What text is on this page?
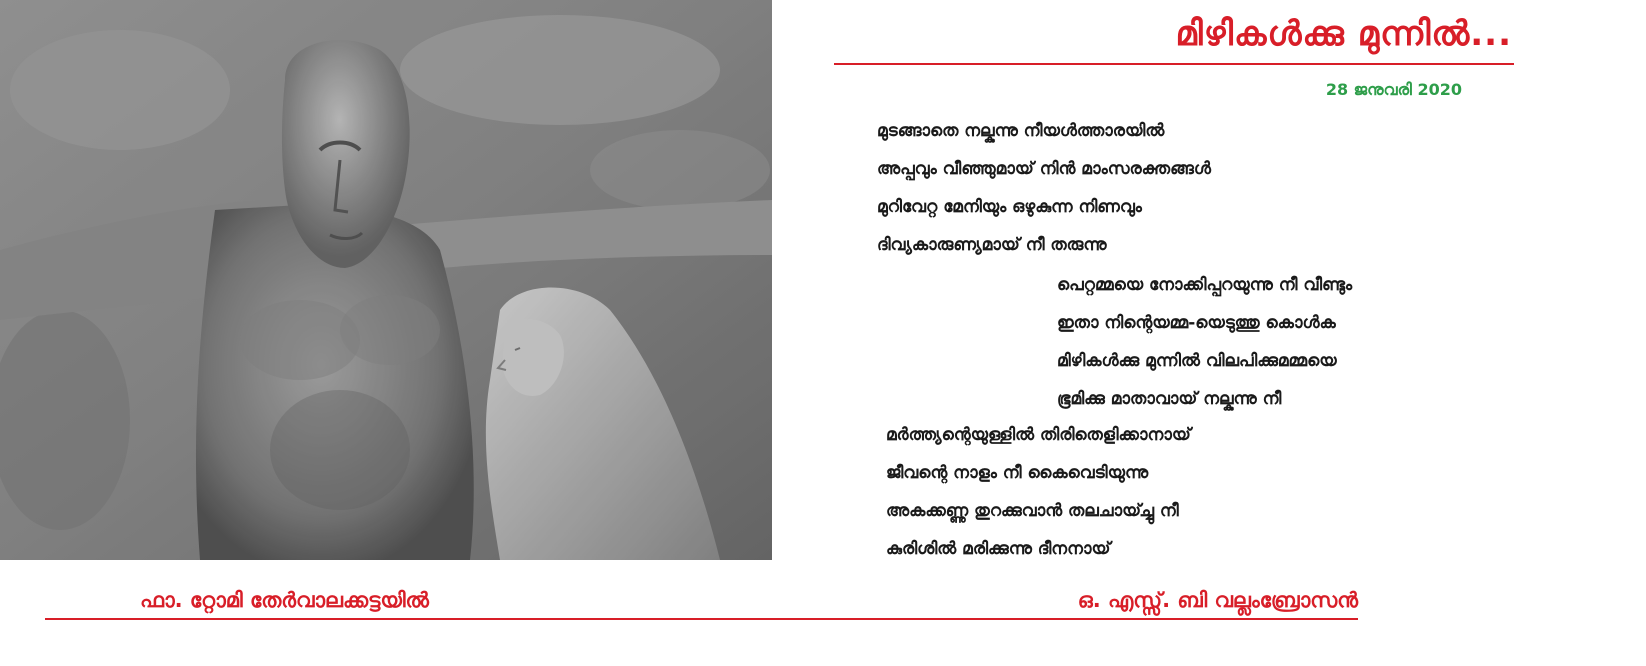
മിഴികൾക്കു മുന്നിൽ...
28 ജനുവരി 2020
മുടങ്ങാതെ നല്കുന്നു നീയൾത്താരയിൽ
അപ്പവും വീഞ്ഞുമായ് നിൻ മാംസരക്തങ്ങൾ
മുറിവേറ്റ മേനിയും ഒഴുകുന്ന നിണവും
ദിവ്യകാരുണ്യമായ് നീ തരുന്നു
പെറ്റമ്മയെ നോക്കിപ്പറയുന്നു നീ വീണ്ടും
ഇതാ നിന്റെയമ്മ-യെടുത്തു കൊൾക
മിഴികൾക്കു മുന്നിൽ വിലപിക്കുമമ്മയെ
ഭൂമിക്കു മാതാവായ് നല്കുന്നു നീ
മർത്ത്യന്റെയുള്ളിൽ തിരിതെളിക്കാനായ്
ജീവന്റെ നാളം നീ കൈവെടിയുന്നു
അകക്കണ്ണു തുറക്കുവാൻ തലചായ്ച്ചു നീ
കുരിശിൽ മരിക്കുന്നു ദീനനായ്
ഫാ. റ്റോമി തേർവാലക്കട്ടയിൽ	ഒ. എസ്സ്. ബി വല്ലംബ്രോസൻ
